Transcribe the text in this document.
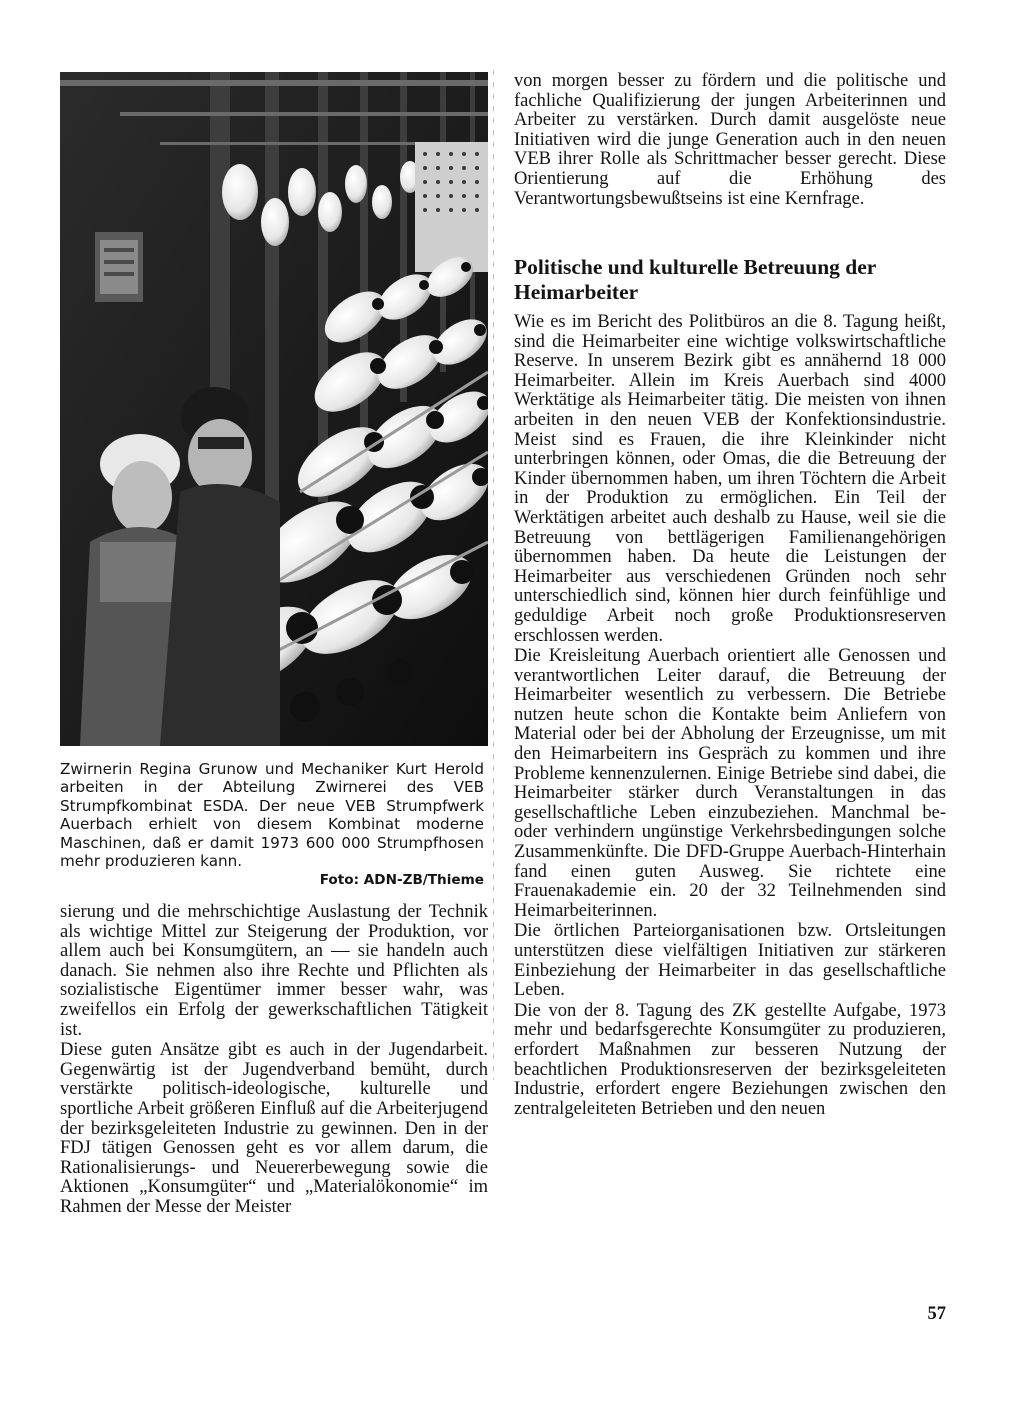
Zwirnerin Regina Grunow und Mechaniker Kurt Herold arbeiten in der Abteilung Zwirnerei des VEB Strumpfkombinat ESDA. Der neue VEB Strumpfwerk Auerbach erhielt von diesem Kombinat moderne Maschinen, daß er damit 1973 600 000 Strumpfhosen mehr produzieren kann.
Foto: ADN-ZB/Thieme

sierung und die mehrschichtige Auslastung der Technik als wichtige Mittel zur Steigerung der Produktion, vor allem auch bei Konsumgütern, an — sie handeln auch danach. Sie nehmen also ihre Rechte und Pflichten als sozialistische Eigentümer immer besser wahr, was zweifellos ein Erfolg der gewerkschaftlichen Tätigkeit ist.

Diese guten Ansätze gibt es auch in der Jugendarbeit. Gegenwärtig ist der Jugendverband bemüht, durch verstärkte politisch-ideologische, kulturelle und sportliche Arbeit größeren Einfluß auf die Arbeiterjugend der bezirksgeleiteten Industrie zu gewinnen. Den in der FDJ tätigen Genossen geht es vor allem darum, die Rationalisierungs- und Neuererbewegung sowie die Aktionen „Konsumgüter“ und „Materialökonomie“ im Rahmen der Messe der Meister

von morgen besser zu fördern und die politische und fachliche Qualifizierung der jungen Arbeiterinnen und Arbeiter zu verstärken. Durch damit ausgelöste neue Initiativen wird die junge Generation auch in den neuen VEB ihrer Rolle als Schrittmacher besser gerecht. Diese Orientierung auf die Erhöhung des Verantwortungsbewußtseins ist eine Kernfrage.

Politische und kulturelle Betreuung der Heimarbeiter

Wie es im Bericht des Politbüros an die 8. Tagung heißt, sind die Heimarbeiter eine wichtige volkswirtschaftliche Reserve. In unserem Bezirk gibt es annähernd 18 000 Heimarbeiter. Allein im Kreis Auerbach sind 4000 Werktätige als Heimarbeiter tätig. Die meisten von ihnen arbeiten in den neuen VEB der Konfektionsindustrie. Meist sind es Frauen, die ihre Kleinkinder nicht unterbringen können, oder Omas, die die Betreuung der Kinder übernommen haben, um ihren Töchtern die Arbeit in der Produktion zu ermöglichen. Ein Teil der Werktätigen arbeitet auch deshalb zu Hause, weil sie die Betreuung von bettlägerigen Familienangehörigen übernommen haben. Da heute die Leistungen der Heimarbeiter aus verschiedenen Gründen noch sehr unterschiedlich sind, können hier durch feinfühlige und geduldige Arbeit noch große Produktionsreserven erschlossen werden.

Die Kreisleitung Auerbach orientiert alle Genossen und verantwortlichen Leiter darauf, die Betreuung der Heimarbeiter wesentlich zu verbessern. Die Betriebe nutzen heute schon die Kontakte beim Anliefern von Material oder bei der Abholung der Erzeugnisse, um mit den Heimarbeitern ins Gespräch zu kommen und ihre Probleme kennenzulernen. Einige Betriebe sind dabei, die Heimarbeiter stärker durch Veranstaltungen in das gesellschaftliche Leben einzubeziehen. Manchmal be- oder verhindern ungünstige Verkehrsbedingungen solche Zusammenkünfte. Die DFD-Gruppe Auerbach-Hinterhain fand einen guten Ausweg. Sie richtete eine Frauenakademie ein. 20 der 32 Teilnehmenden sind Heimarbeiterinnen.

Die örtlichen Parteiorganisationen bzw. Ortsleitungen unterstützen diese vielfältigen Initiativen zur stärkeren Einbeziehung der Heimarbeiter in das gesellschaftliche Leben.

Die von der 8. Tagung des ZK gestellte Aufgabe, 1973 mehr und bedarfsgerechte Konsumgüter zu produzieren, erfordert Maßnahmen zur besseren Nutzung der beachtlichen Produktionsreserven der bezirksgeleiteten Industrie, erfordert engere Beziehungen zwischen den zentralgeleiteten Betrieben und den neuen

57
